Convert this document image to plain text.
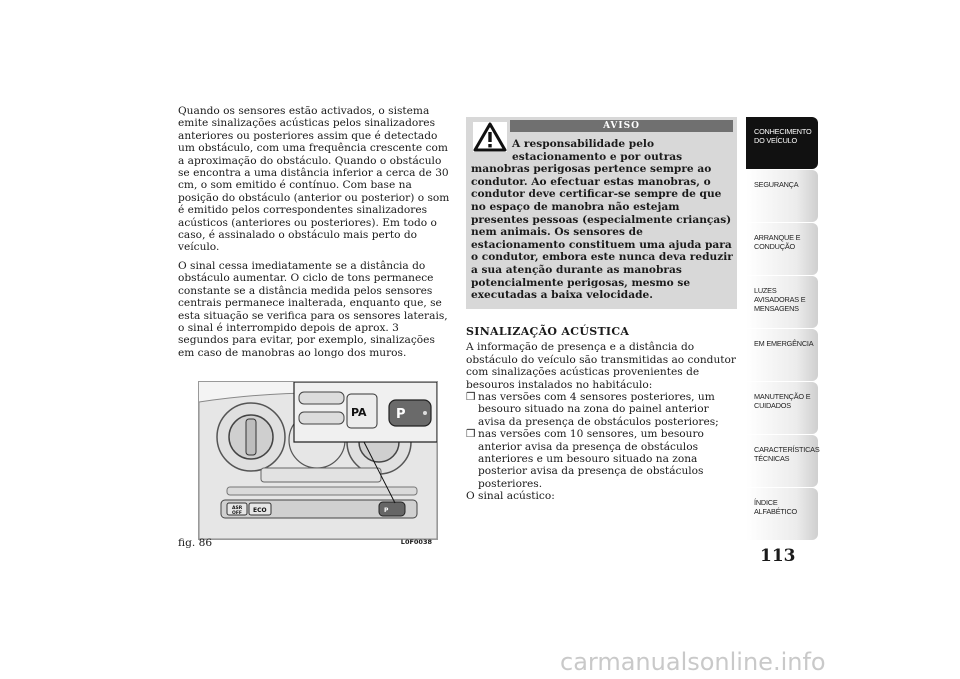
Quando os sensores estão activados, o sistema emite sinalizações acústicas pelos sinalizadores anteriores ou posteriores assim que é detectado um obstáculo, com uma frequência crescente com a aproximação do obstáculo. Quando o obstáculo se encontra a uma distância inferior a cerca de 30 cm, o som emitido é contínuo. Com base na posição do obstáculo (anterior ou posterior) o som é emitido pelos correspondentes sinalizadores acústicos (anteriores ou posteriores). Em todo o caso, é assinalado o obstáculo mais perto do veículo.

O sinal cessa imediatamente se a distância do obstáculo aumentar. O ciclo de tons permanece constante se a distância medida pelos sensores centrais permanece inalterada, enquanto que, se esta situação se verifica para os sensores laterais, o sinal é interrompido depois de aprox. 3 segundos para evitar, por exemplo, sinalizações em caso de manobras ao longo dos muros.

ASR
OFF ECO	P
PA P
fig. 86	L0F0038
AVISO
A responsabilidade pelo estacionamento e por outras
manobras perigosas pertence sempre ao condutor. Ao efectuar estas manobras, o condutor deve certificar-se sempre de que no espaço de manobra não estejam presentes pessoas (especialmente crianças) nem animais. Os sensores de estacionamento constituem uma ajuda para o condutor, embora este nunca deva reduzir a sua atenção durante as manobras potencialmente perigosas, mesmo se executadas a baixa velocidade.
SINALIZAÇÃO ACÚSTICA

A informação de presença e a distância do obstáculo do veículo são transmitidas ao condutor com sinalizações acústicas provenientes de besouros instalados no habitáculo:

❒ nas versões com 4 sensores posteriores, um besouro situado na zona do painel anterior avisa da presença de obstáculos posteriores;
❒ nas versões com 10 sensores, um besouro anterior avisa da presença de obstáculos anteriores e um besouro situado na zona posterior avisa da presença de obstáculos posteriores.

O sinal acústico:

CONHECIMENTO DO VEÍCULO
SEGURANÇA
ARRANQUE E CONDUÇÃO
LUZES AVISADORAS E MENSAGENS
EM EMERGÊNCIA
MANUTENÇÃO E CUIDADOS
CARACTERÍSTICAS TÉCNICAS
ÍNDICE ALFABÉTICO
113
carmanualsonline.info
